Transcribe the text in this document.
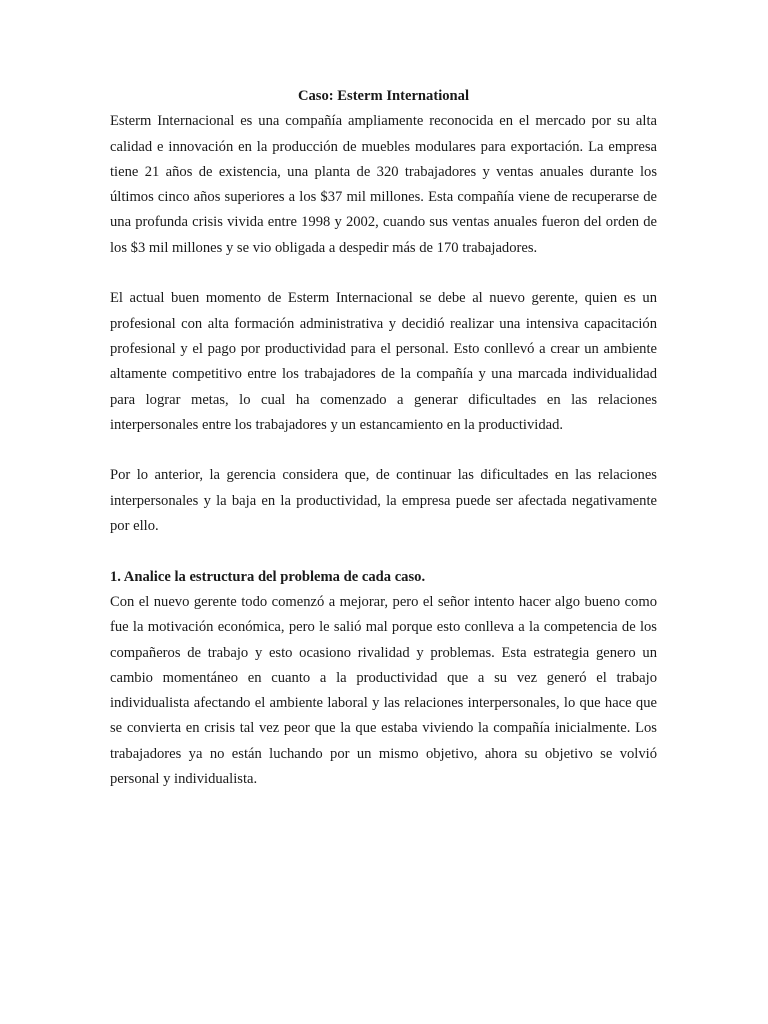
Caso: Esterm International

Esterm Internacional es una compañía ampliamente reconocida en el mercado por su alta calidad e innovación en la producción de muebles modulares para exportación. La empresa tiene 21 años de existencia, una planta de 320 trabajadores y ventas anuales durante los últimos cinco años superiores a los $37 mil millones. Esta compañía viene de recuperarse de una profunda crisis vivida entre 1998 y 2002, cuando sus ventas anuales fueron del orden de los $3 mil millones y se vio obligada a despedir más de 170 trabajadores.

El actual buen momento de Esterm Internacional se debe al nuevo gerente, quien es un profesional con alta formación administrativa y decidió realizar una intensiva capacitación profesional y el pago por productividad para el personal. Esto conllevó a crear un ambiente altamente competitivo entre los trabajadores de la compañía y una marcada individualidad para lograr metas, lo cual ha comenzado a generar dificultades en las relaciones interpersonales entre los trabajadores y un estancamiento en la productividad.

Por lo anterior, la gerencia considera que, de continuar las dificultades en las relaciones interpersonales y la baja en la productividad, la empresa puede ser afectada negativamente por ello.

1. Analice la estructura del problema de cada caso.

Con el nuevo gerente todo comenzó a mejorar, pero el señor intento hacer algo bueno como fue la motivación económica, pero le salió mal porque esto conlleva a la competencia de los compañeros de trabajo y esto ocasiono rivalidad y problemas. Esta estrategia genero un cambio momentáneo en cuanto a la productividad que a su vez generó el trabajo individualista afectando el ambiente laboral y las relaciones interpersonales, lo que hace que se convierta en crisis tal vez peor que la que estaba viviendo la compañía inicialmente. Los trabajadores ya no están luchando por un mismo objetivo, ahora su objetivo se volvió personal y individualista.
